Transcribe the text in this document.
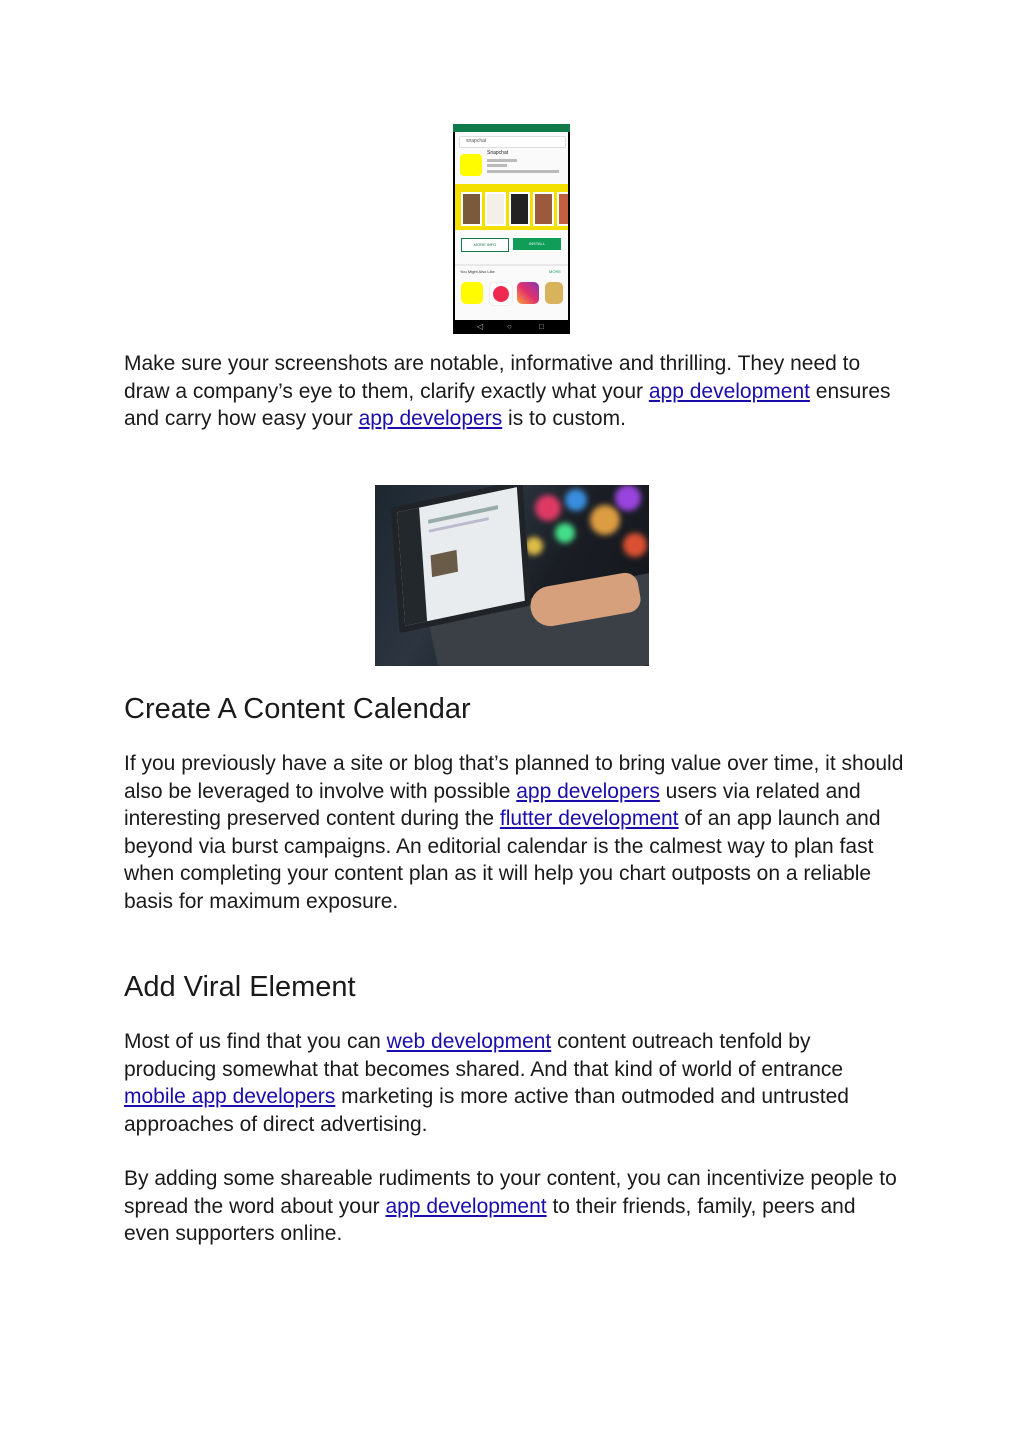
snapchat
Snapchat
MORE INFO	INSTALL
You Might Also Like	MORE
◁	○	□

Make sure your screenshots are notable, informative and thrilling. They need to draw a company’s eye to them, clarify exactly what your app development ensures and carry how easy your app developers is to custom.

Create A Content Calendar

If you previously have a site or blog that’s planned to bring value over time, it should also be leveraged to involve with possible app developers users via related and interesting preserved content during the flutter development of an app launch and beyond via burst campaigns. An editorial calendar is the calmest way to plan fast when completing your content plan as it will help you chart outposts on a reliable basis for maximum exposure.

Add Viral Element

Most of us find that you can web development content outreach tenfold by producing somewhat that becomes shared. And that kind of world of entrance mobile app developers marketing is more active than outmoded and untrusted approaches of direct advertising.

By adding some shareable rudiments to your content, you can incentivize people to spread the word about your app development to their friends, family, peers and even supporters online.
